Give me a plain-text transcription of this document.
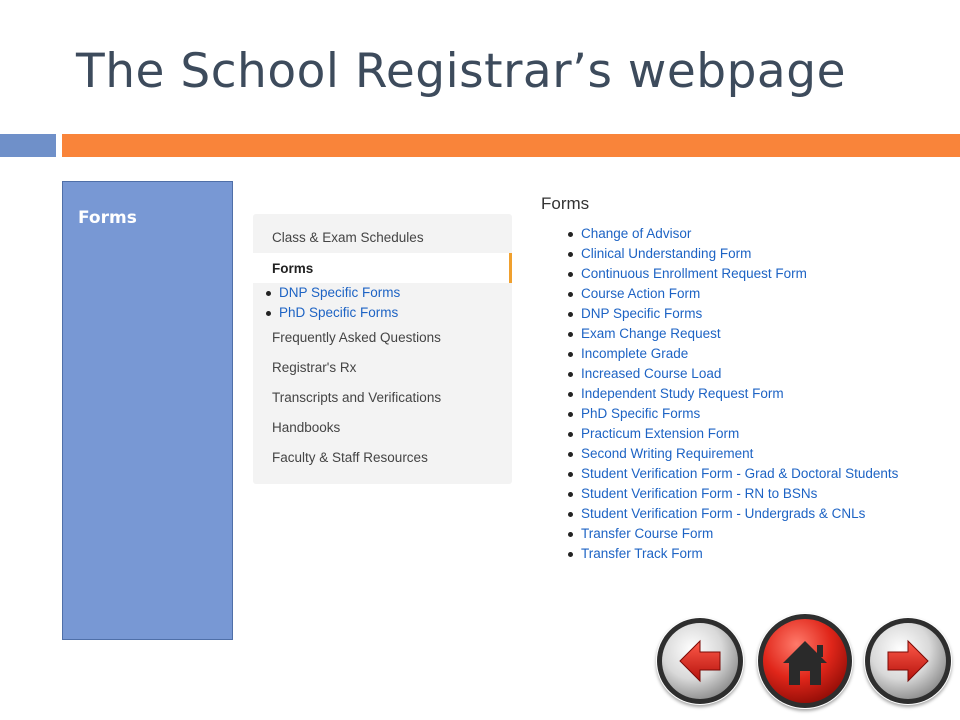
The School Registrar’s webpage
Forms
Class & Exam Schedules
Forms
DNP Specific Forms
PhD Specific Forms
Frequently Asked Questions
Registrar's Rx
Transcripts and Verifications
Handbooks
Faculty & Staff Resources
Forms
Change of Advisor
Clinical Understanding Form
Continuous Enrollment Request Form
Course Action Form
DNP Specific Forms
Exam Change Request
Incomplete Grade
Increased Course Load
Independent Study Request Form
PhD Specific Forms
Practicum Extension Form
Second Writing Requirement
Student Verification Form - Grad & Doctoral Students
Student Verification Form - RN to BSNs
Student Verification Form - Undergrads & CNLs
Transfer Course Form
Transfer Track Form
